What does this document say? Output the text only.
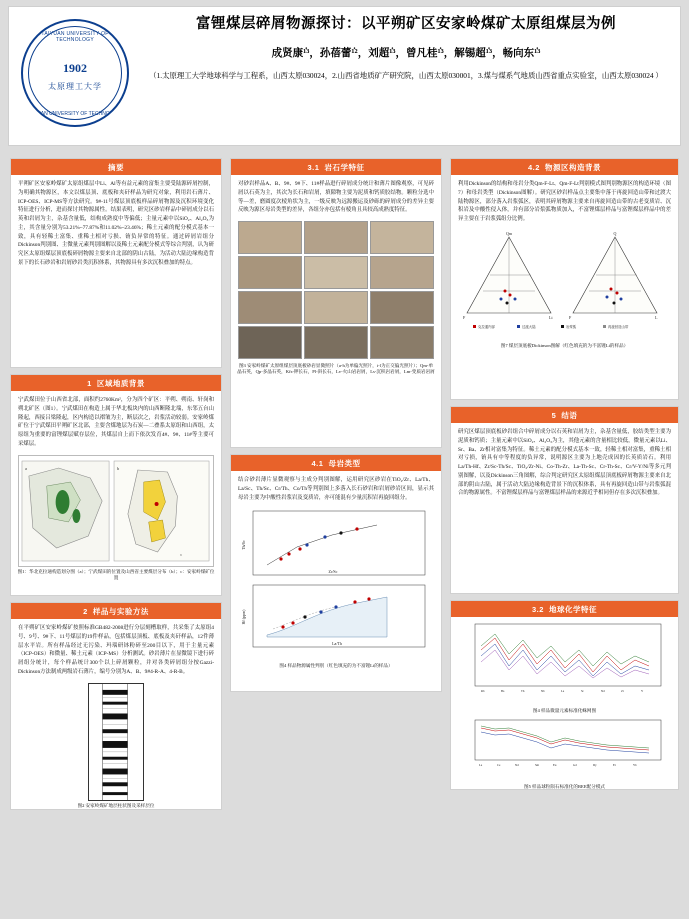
TAIYUAN UNIVERSITY OF TECHNOLOGY
1902
太原理工大学
TAIYUAN UNIVERSITY OF TECHNOLOGY
富锂煤层碎屑物源探讨：以平朔矿区安家岭煤矿太原组煤层为例
成贤康¹֗³，孙蓓蕾¹֗²，刘超¹֗³，曾凡桂¹֗³，解锡超¹֗³，畅向东¹֗³
（1.太原理工大学地球科学与工程系，山西太原030024，2.山西省地质矿产研究院，山西太原030001，3.煤与煤系气地质山西省重点实验室，山西太原030024 ）
摘要
平朔矿区安家岭煤矿太原组煤层中Li、Al等有益元素的富集主要受陆源碎屑控制，为明确其物源区，本文以煤层顶、底板和夹矸样品为研究对象，利用岩石薄片、ICP-OES、ICP-MS等方法研究。9#-11号煤层顶底板样品碎屑物源及沉积环境变化特征进行分析，进而探讨其物源属性。结果表明，研究区砂岩样品中碎屑成分以石英和岩屑为主，杂基含量低，结构成熟度中等偏低；主量元素中以SiO₂、Al₂O₃为主，其含量分别为53.21%~77.87%和11.02%~23.46%；稀土元素的配分模式基本一致，具有轻稀土富集、重稀土相对亏损、铕负异常的特征。通过碎屑岩组分Dickinson判别图、主微量元素判别图解以及稀土元素配分模式等综合判别，认为研究区太原组煤层顶底板碎屑物源主要来自北部的阴山古陆，为活动大陆边缘构造背景下的长石砂岩和岩屑砂岩类沉积体系，其物源具有多次沉积叠加的特点。
1 区域地质背景
宁武煤田位于山西省北部，面积约2760Km²，分为四个矿区：平朔、朔南、轩岗和朔北矿区（图1）。宁武煤田在构造上属于华北板块内的山西断隆北端，东邻五台山隆起，西接吕梁隆起，区内构造以褶皱为主，断层次之，岩浆活动较弱。安家岭煤矿位于宁武煤田平朔矿区北部，主要含煤地层为石炭—二叠系太原组和山西组，太原组为重要的富锂煤层赋存层位，其煤层自上而下依次发育4#、9#、11#等主要可采煤层。
a	b
c
图1：华北克拉通构造划分图（a）；宁武煤田的位置及山西省主要煤层分布（b）；c：安家岭煤矿位置
2 样品与实验方法
在平朔矿区安家岭煤矿按照标准GB482-2008进行分层刻槽取样，共采集了太原组4号、9号、9#下、11号煤层的19件样品，包括煤层顶板、底板及夹矸样品，12件薄层水平岩。所有样品经过无污染、玛瑙研钵粉碎至200目以下，用于主量元素（ICP-OES）和微量、稀土元素（ICP-MS）分析测试。砂岩薄片在显微镜下进行碎屑组分统计，每个样品统计300个以上碎屑颗粒，并对各类碎屑组分按Gazzi-Dickinson方法制成两级岩石薄片，编号分别为A、B、9#4-R-A、4-R-B。
图2 安家岭煤矿地层柱状图及采样层位
3.1 岩石学特征
对砂岩样品A、B、9#、9#下、11#样品进行碎屑成分统计和薄片图像观察，可见碎屑以石英为主，其次为长石和岩屑，填隙物主要为泥质和钙质胶结物。颗粒分选中等—差，磨圆度次棱角状为主，一级反映为远源搬运及砂砾的碎屑成分的差异主要反映为源区母岩类型的差异，各组分亦包括有棱角且具较高成熟度特征。
图3 安家岭煤矿太原组煤层顶底板砂岩显微照片（a-h为单偏光照片，i-l为正交偏光照片）；Qm-单晶石英，Qp-多晶石英，Kfs-钾长石，Pl-斜长石，Lv-火山岩岩屑，Ls-沉积岩岩屑，Lm-变质岩岩屑
4.1 母岩类型
结合砂岩薄片显微观察与主成分判别图解，运用研究区砂岩在TiO₂/Zr、La/Th、La/Sc、Th/Sc、Cr/Th、Co/Th等判别图上多落入长石砂岩和岩屑砂岩区间，显示其母岩主要为中酸性岩浆岩及变质岩，亦可能混有少量沉积岩再旋回组分。
Zr/Sc
Th/Sc
La/Th
Hf (ppm)
图4 样品物源属性判别（红色填充的为不富锂Li的样品）
4.2 物源区构造背景
利用Dickinson的结构和母岩分类Qm-F-Lt、Qm-F-Lt判别模式图判别物源区的构造环境（图7）和母岩类型（Dickinson图解）。研究区砂岩样品点主要集中落于再旋回造山带和过渡大陆物源区，部分落入岩浆弧区，表明其碎屑物源主要来自再旋回造山带的古老变质岩、沉积岩及中酸性侵入体，并有部分岩浆弧物质加入，不富锂煤层样品与富锂煤层样品中的差异主要在于岩浆弧组分比例。
Qm
F	Lt
Q
F	L
克拉通内部	过渡大陆	岩浆弧	再旋回造山带
图7 煤层顶底板Dickinson图解（红色填充的为不富锂Li的样品）
5 结语
研究区煤层顶底板砂岩组合中碎屑成分以石英和岩屑为主，杂基含量低，胶结类型主要为泥质和钙质；主量元素中以SiO₂、Al₂O₃为主，其他元素的含量相比较低，微量元素以Li、Sr、Ba、Zr相对富集为特征。稀土元素的配分模式基本一致，轻稀土相对富集，重稀土相对亏损，铕具有中等程度的负异常，说明源区主要为上地壳成因的长英质岩石。利用La/Th-Hf、Zr/Sc-Th/Sc、TiO₂/Zr-Ni、Co-Th-Zr、La-Th-Sc、Cr-Th-Sc、Cr/V-Y/Ni等多元判别图解，以及Dickinson三角图解，综合判定研究区太原组煤层顶底板碎屑物源主要来自北部的阴山古陆，属于活动大陆边缘构造背景下的沉积体系，具有再旋回造山带与岩浆弧混合的物源属性。不富锂煤层样品与富锂煤层样品的来源近乎相同但存在多次沉积叠加。
3.2 地球化学特征
Rb	Ba	Th	Nb	La	Sr	Nd	Zr	Y
图4 样品微量元素标准化蛛网图
La	Ce	Nd	Sm	Eu	Gd	Dy	Er	Yb
图5 样品球粒陨石标准化的REE配分模式
